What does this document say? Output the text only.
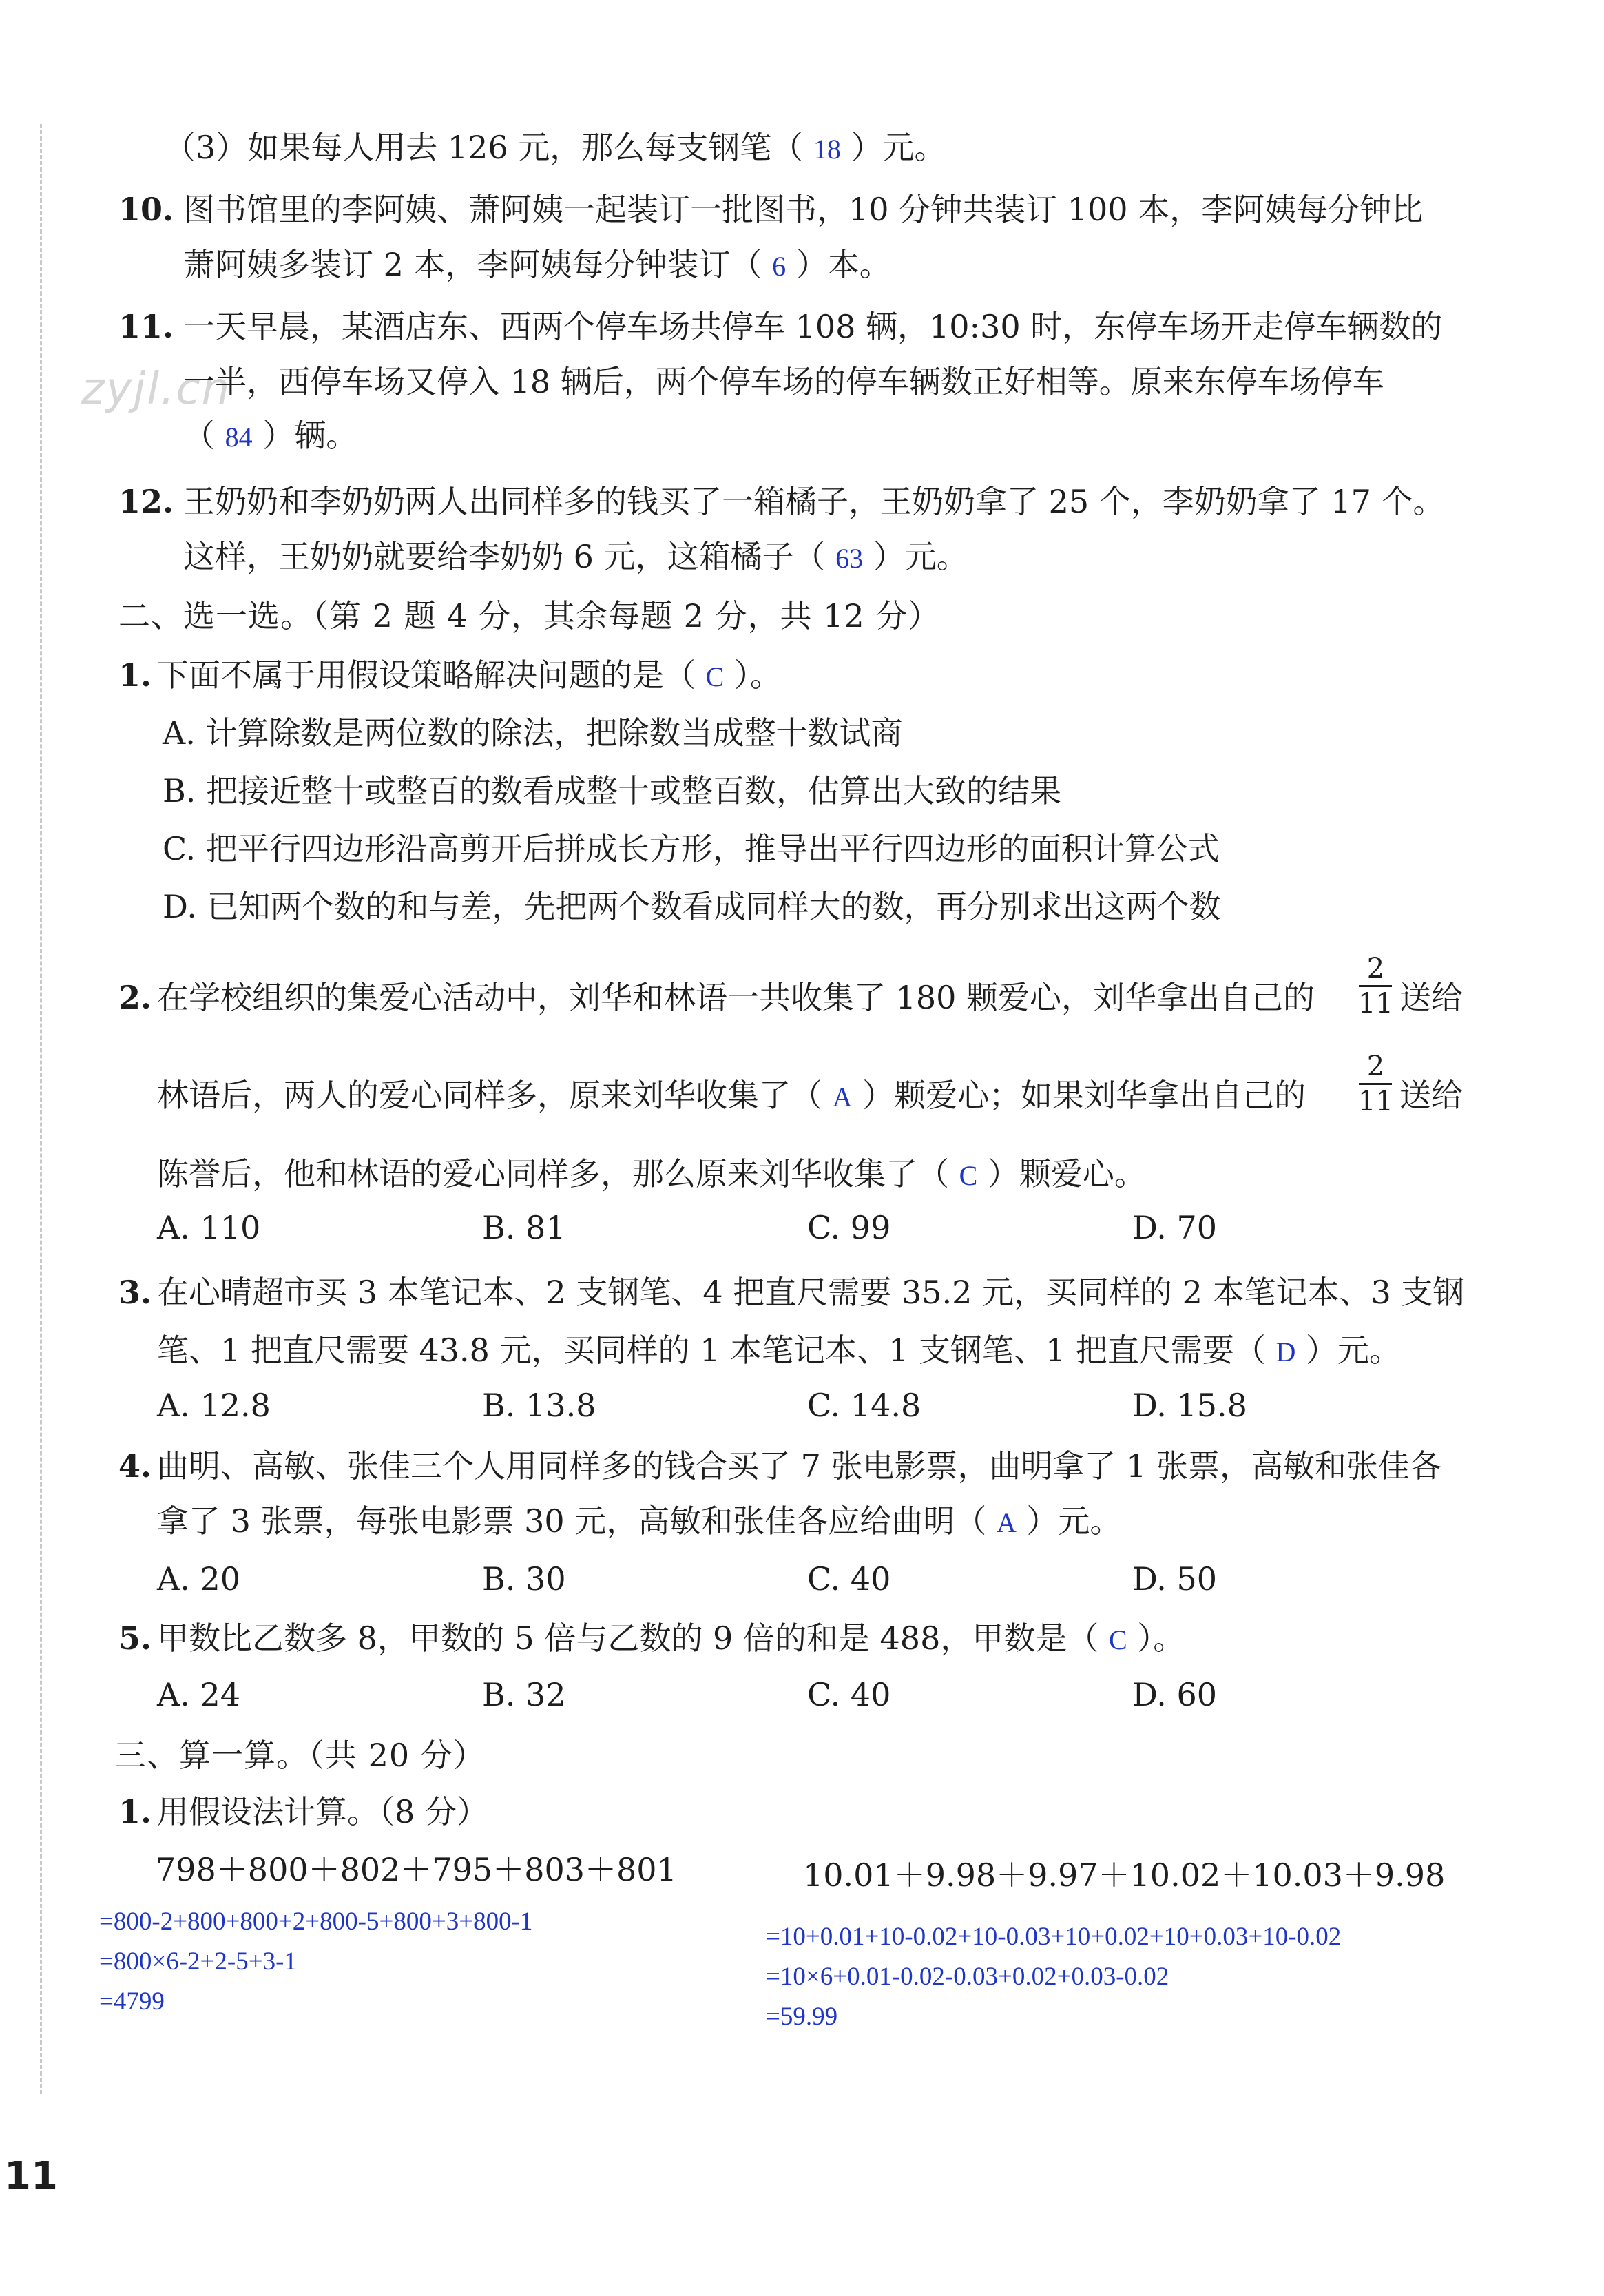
zyjl.cn
（3）如果每人用去 126 元，那么每支钢笔（ 18 ）元。
10. 图书馆里的李阿姨、萧阿姨一起装订一批图书，10 分钟共装订 100 本，李阿姨每分钟比
萧阿姨多装订 2 本，李阿姨每分钟装订（ 6 ）本。
11. 一天早晨，某酒店东、西两个停车场共停车 108 辆，10:30 时，东停车场开走停车辆数的
一半，西停车场又停入 18 辆后，两个停车场的停车辆数正好相等。原来东停车场停车
（ 84 ）辆。
12. 王奶奶和李奶奶两人出同样多的钱买了一箱橘子，王奶奶拿了 25 个，李奶奶拿了 17 个。
这样，王奶奶就要给李奶奶 6 元，这箱橘子（ 63 ）元。
二、选一选。（第 2 题 4 分，其余每题 2 分，共 12 分）
1. 下面不属于用假设策略解决问题的是（ C ）。
A. 计算除数是两位数的除法，把除数当成整十数试商
B. 把接近整十或整百的数看成整十或整百数，估算出大致的结果
C. 把平行四边形沿高剪开后拼成长方形，推导出平行四边形的面积计算公式
D. 已知两个数的和与差，先把两个数看成同样大的数，再分别求出这两个数
2. 在学校组织的集爱心活动中，刘华和林语一共收集了 180 颗爱心，刘华拿出自己的
2
11 送给
林语后，两人的爱心同样多，原来刘华收集了（ A ）颗爱心；如果刘华拿出自己的
2
11 送给
陈誉后，他和林语的爱心同样多，那么原来刘华收集了（ C ）颗爱心。
A. 110	B. 81	C. 99	D. 70
3. 在心晴超市买 3 本笔记本、2 支钢笔、4 把直尺需要 35.2 元，买同样的 2 本笔记本、3 支钢
笔、1 把直尺需要 43.8 元，买同样的 1 本笔记本、1 支钢笔、1 把直尺需要（ D ）元。
A. 12.8	B. 13.8	C. 14.8	D. 15.8
4. 曲明、高敏、张佳三个人用同样多的钱合买了 7 张电影票，曲明拿了 1 张票，高敏和张佳各
拿了 3 张票，每张电影票 30 元，高敏和张佳各应给曲明（ A ）元。
A. 20	B. 30	C. 40	D. 50
5. 甲数比乙数多 8，甲数的 5 倍与乙数的 9 倍的和是 488，甲数是（ C ）。
A. 24	B. 32	C. 40	D. 60
三、算一算。（共 20 分）
1. 用假设法计算。（8 分）
798＋800＋802＋795＋803＋801	10.01＋9.98＋9.97＋10.02＋10.03＋9.98
=800-2+800+800+2+800-5+800+3+800-1
=800×6-2+2-5+3-1
=4799
=10+0.01+10-0.02+10-0.03+10+0.02+10+0.03+10-0.02
=10×6+0.01-0.02-0.03+0.02+0.03-0.02
=59.99
11
